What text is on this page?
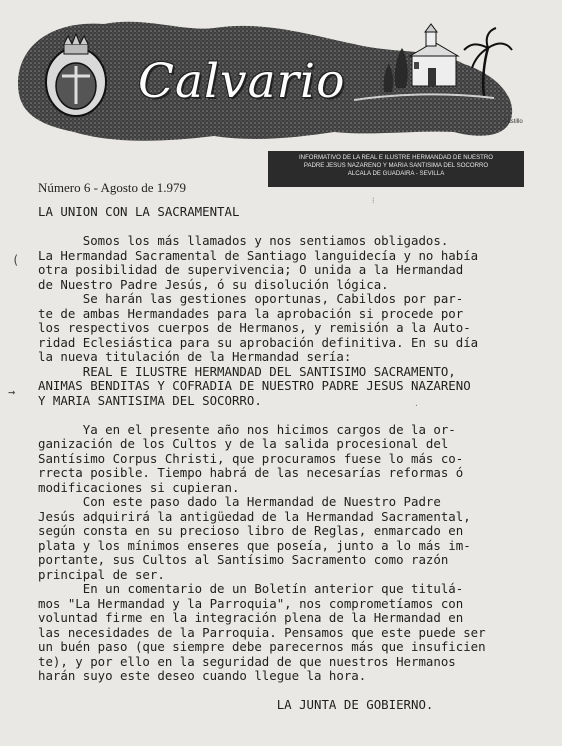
Calvario
Castillo
INFORMATIVO DE LA REAL E ILUSTRE HERMANDAD DE NUESTRO
PADRE JESUS NAZARENO Y MARIA SANTISIMA DEL SOCORRO
ALCALA DE GUADAIRA - SEVILLA
Número 6 - Agosto de 1.979
LA UNION CON LA SACRAMENTAL

Somos los más llamados y nos sentiamos obligados.
La Hermandad Sacramental de Santiago languidecía y no había
otra posibilidad de supervivencia; O unida a la Hermandad
de Nuestro Padre Jesús, ó su disolución lógica.
Se harán las gestiones oportunas, Cabildos por par-
te de ambas Hermandades para la aprobación si procede por
los respectivos cuerpos de Hermanos, y remisión a la Auto-
ridad Eclesiástica para su aprobación definitiva. En su día
la nueva titulación de la Hermandad sería:
REAL E ILUSTRE HERMANDAD DEL SANTISIMO SACRAMENTO,
ANIMAS BENDITAS Y COFRADIA DE NUESTRO PADRE JESUS NAZARENO
Y MARIA SANTISIMA DEL SOCORRO.

Ya en el presente año nos hicimos cargos de la or-
ganización de los Cultos y de la salida procesional del
Santísimo Corpus Christi, que procuramos fuese lo más co-
rrecta posible. Tiempo habrá de las necesarías reformas ó
modificaciones si cupieran.
Con este paso dado la Hermandad de Nuestro Padre
Jesús adquirirá la antigüedad de la Hermandad Sacramental,
según consta en su precioso libro de Reglas, enmarcado en
plata y los mínimos enseres que poseía, junto a lo más im-
portante, sus Cultos al Santísimo Sacramento como razón
principal de ser.
En un comentario de un Boletín anterior que titulá-
mos "La Hermandad y la Parroquia", nos comprometíamos con
voluntad firme en la integración plena de la Hermandad en
las necesidades de la Parroquia. Pensamos que este puede ser
un buén paso (que siempre debe parecernos más que insuficien
te), y por ello en la seguridad de que nuestros Hermanos
harán suyo este deseo cuando llegue la hora.

LA JUNTA DE GOBIERNO.
(
→
⁝
·
